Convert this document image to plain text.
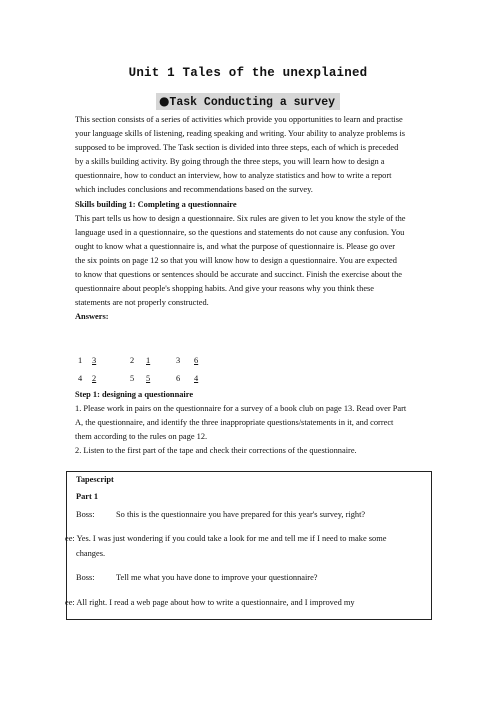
Unit 1 Tales of the unexplained
●Task Conducting a survey
This section consists of a series of activities which provide you opportunities to learn and practise
your language skills of listening, reading speaking and writing. Your ability to analyze problems is
supposed to be improved. The Task section is divided into three steps, each of which is preceded
by a skills building activity. By going through the three steps, you will learn how to design a
questionnaire, how to conduct an interview, how to analyze statistics and how to write a report
which includes conclusions and recommendations based on the survey.
Skills building 1: Completing a questionnaire
This part tells us how to design a questionnaire. Six rules are given to let you know the style of the
language used in a questionnaire, so the questions and statements do not cause any confusion. You
ought to know what a questionnaire is, and what the purpose of questionnaire is. Please go over
the six points on page 12 so that you will know how to design a questionnaire. You are expected
to know that questions or sentences should be accurate and succinct. Finish the exercise about the
questionnaire about people's shopping habits. And give your reasons why you think these
statements are not properly constructed.
Answers:
1 3	2 1	3 6
4 2	5 5	6 4
Step 1: designing a questionnaire
1. Please work in pairs on the questionnaire for a survey of a book club on page 13. Read over Part
A, the questionnaire, and identify the three inappropriate questions/statements in it, and correct
them according to the rules on page 12.
2. Listen to the first part of the tape and check their corrections of the questionnaire.
Tapescript
Part 1
Boss:	So this is the questionnaire you have prepared for this year's survey, right?
ee: Yes. I was just wondering if you could take a look for me and tell me if I need to make some
changes.
Boss:	Tell me what you have done to improve your questionnaire?
ee: All right. I read a web page about how to write a questionnaire, and I improved my
